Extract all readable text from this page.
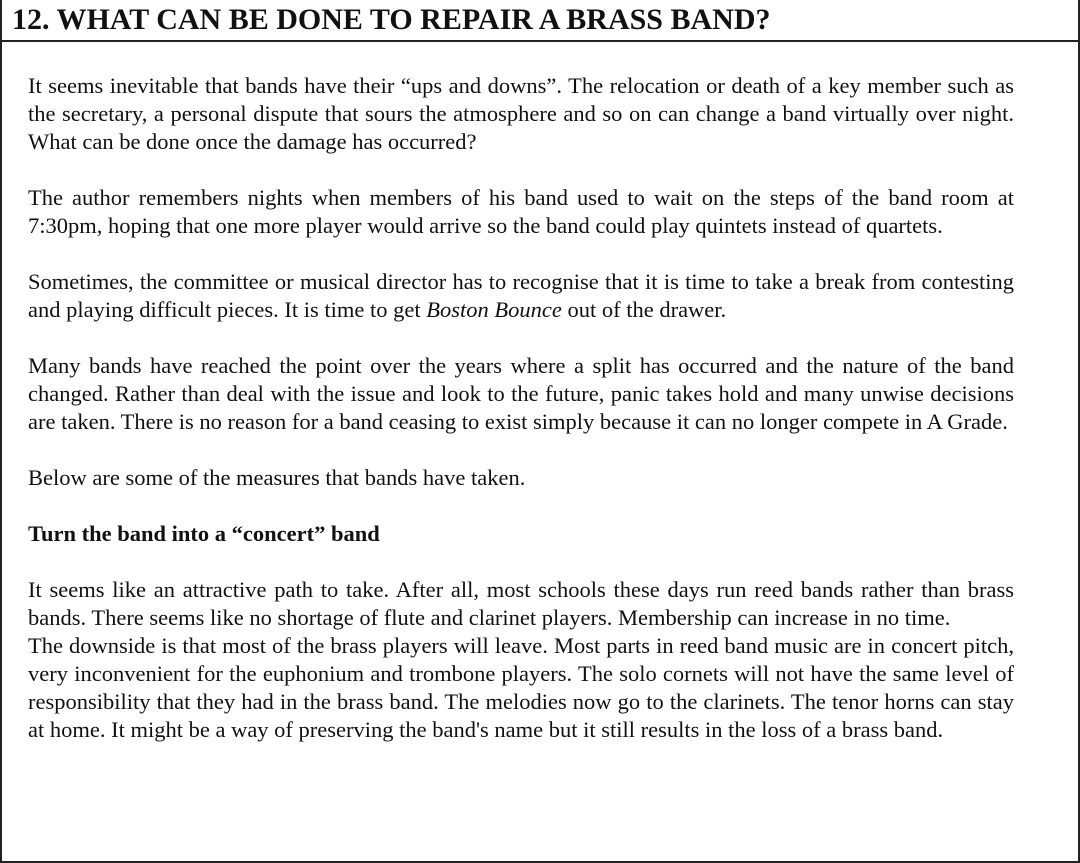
12. WHAT CAN BE DONE TO REPAIR A BRASS BAND?

It seems inevitable that bands have their “ups and downs”. The relocation or death of a key member such as the secretary, a personal dispute that sours the atmosphere and so on can change a band virtually over night. What can be done once the damage has occurred?

The author remembers nights when members of his band used to wait on the steps of the band room at 7:30pm, hoping that one more player would arrive so the band could play quintets instead of quartets.

Sometimes, the committee or musical director has to recognise that it is time to take a break from contesting and playing difficult pieces. It is time to get Boston Bounce out of the drawer.

Many bands have reached the point over the years where a split has occurred and the nature of the band changed. Rather than deal with the issue and look to the future, panic takes hold and many unwise decisions are taken. There is no reason for a band ceasing to exist simply because it can no longer compete in A Grade.

Below are some of the measures that bands have taken.

Turn the band into a “concert” band

It seems like an attractive path to take. After all, most schools these days run reed bands rather than brass bands. There seems like no shortage of flute and clarinet players. Membership can increase in no time.

The downside is that most of the brass players will leave. Most parts in reed band music are in concert pitch, very inconvenient for the euphonium and trombone players. The solo cornets will not have the same level of responsibility that they had in the brass band. The melodies now go to the clarinets. The tenor horns can stay at home. It might be a way of preserving the band's name but it still results in the loss of a brass band.
